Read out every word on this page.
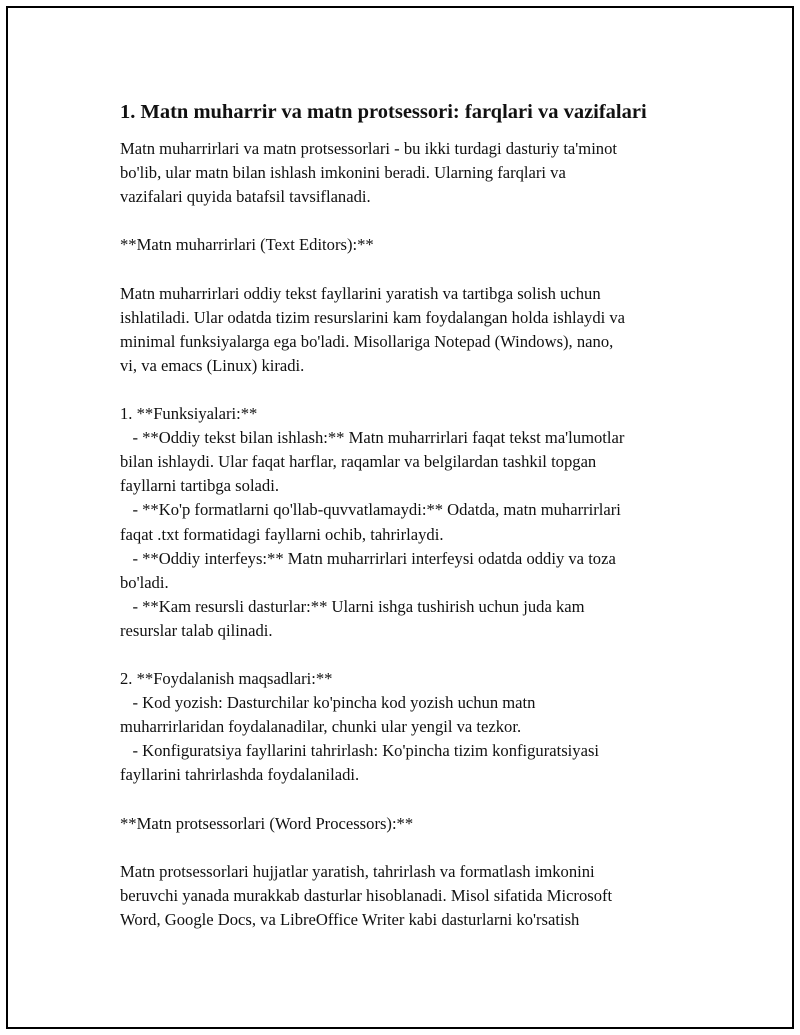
1. Matn muharrir va matn protsessori: farqlari va vazifalari

Matn muharrirlari va matn protsessorlari - bu ikki turdagi dasturiy ta'minot

bo'lib, ular matn bilan ishlash imkonini beradi. Ularning farqlari va

vazifalari quyida batafsil tavsiflanadi.

**Matn muharrirlari (Text Editors):**

Matn muharrirlari oddiy tekst fayllarini yaratish va tartibga solish uchun

ishlatiladi. Ular odatda tizim resurslarini kam foydalangan holda ishlaydi va

minimal funksiyalarga ega bo'ladi. Misollariga Notepad (Windows), nano,

vi, va emacs (Linux) kiradi.

1. **Funksiyalari:**

- **Oddiy tekst bilan ishlash:** Matn muharrirlari faqat tekst ma'lumotlar

bilan ishlaydi. Ular faqat harflar, raqamlar va belgilardan tashkil topgan

fayllarni tartibga soladi.

- **Ko'p formatlarni qo'llab-quvvatlamaydi:** Odatda, matn muharrirlari

faqat .txt formatidagi fayllarni ochib, tahrirlaydi.

- **Oddiy interfeys:** Matn muharrirlari interfeysi odatda oddiy va toza

bo'ladi.

- **Kam resursli dasturlar:** Ularni ishga tushirish uchun juda kam

resurslar talab qilinadi.

2. **Foydalanish maqsadlari:**

- Kod yozish: Dasturchilar ko'pincha kod yozish uchun matn

muharrirlaridan foydalanadilar, chunki ular yengil va tezkor.

- Konfiguratsiya fayllarini tahrirlash: Ko'pincha tizim konfiguratsiyasi

fayllarini tahrirlashda foydalaniladi.

**Matn protsessorlari (Word Processors):**

Matn protsessorlari hujjatlar yaratish, tahrirlash va formatlash imkonini

beruvchi yanada murakkab dasturlar hisoblanadi. Misol sifatida Microsoft

Word, Google Docs, va LibreOffice Writer kabi dasturlarni ko'rsatish
